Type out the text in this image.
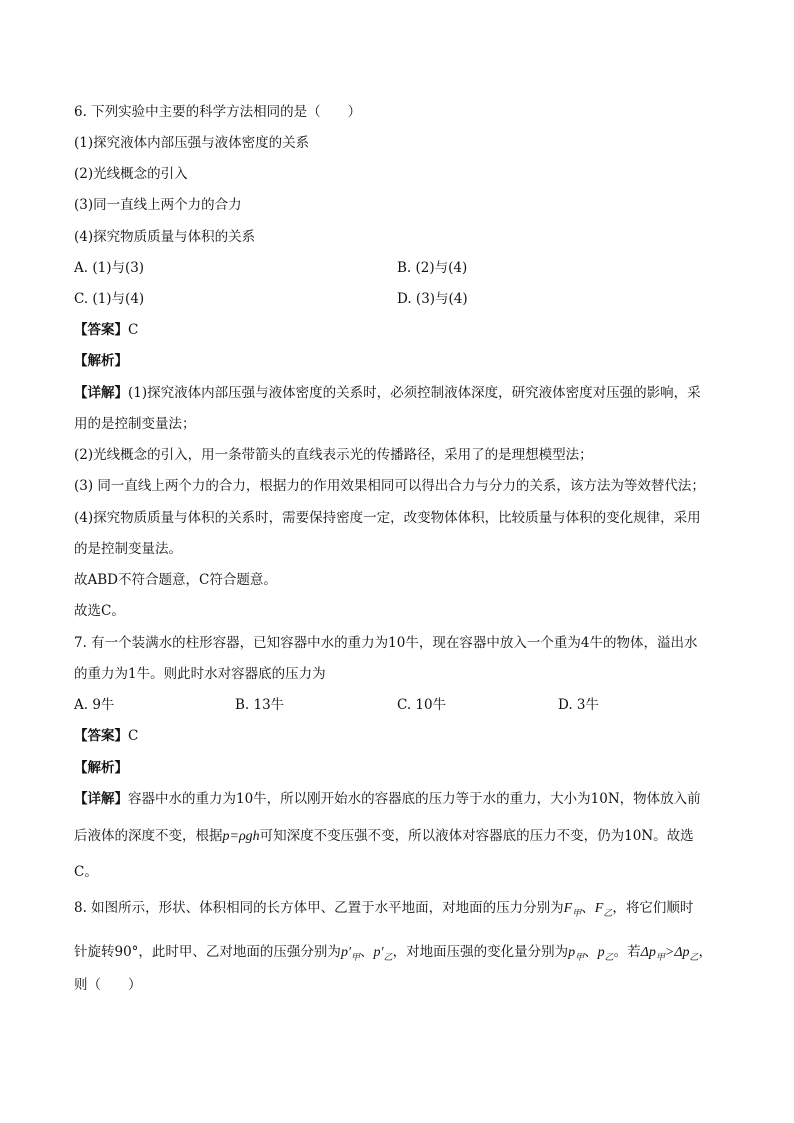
6. 下列实验中主要的科学方法相同的是（　　）
(1)探究液体内部压强与液体密度的关系
(2)光线概念的引入
(3)同一直线上两个力的合力
(4)探究物质质量与体积的关系
A. (1)与(3)	B. (2)与(4)
C. (1)与(4)	D. (3)与(4)
【答案】C
【解析】
【详解】(1)探究液体内部压强与液体密度的关系时，必须控制液体深度，研究液体密度对压强的影响，采
用的是控制变量法；
(2)光线概念的引入，用一条带箭头的直线表示光的传播路径，采用了的是理想模型法；
(3) 同一直线上两个力的合力，根据力的作用效果相同可以得出合力与分力的关系，该方法为等效替代法；
(4)探究物质质量与体积的关系时，需要保持密度一定，改变物体体积，比较质量与体积的变化规律，采用
的是控制变量法。
故ABD不符合题意，C符合题意。
故选C。
7. 有一个装满水的柱形容器，已知容器中水的重力为10牛，现在容器中放入一个重为4牛的物体，溢出水
的重力为1牛。则此时水对容器底的压力为
A. 9牛	B. 13牛	C. 10牛	D. 3牛
【答案】C
【解析】
【详解】容器中水的重力为10牛，所以刚开始水的容器底的压力等于水的重力，大小为10N，物体放入前
后液体的深度不变，根据p=ρgh可知深度不变压强不变，所以液体对容器底的压力不变，仍为10N。故选
C。
8. 如图所示，形状、体积相同的长方体甲、乙置于水平地面，对地面的压力分别为$F_甲$、$F_乙$，将它们顺时
针旋转90°，此时甲、乙对地面的压强分别为$p'_甲$、$p'_乙$，对地面压强的变化量分别为$p_甲$、$p_乙$。若$\Delta p_甲>\Delta p_乙$，
则（　　）
